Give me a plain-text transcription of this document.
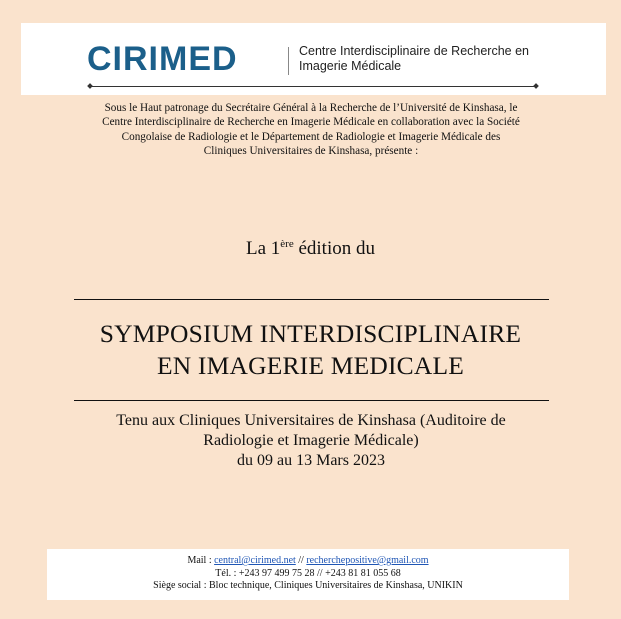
CIRIMED	Centre Interdisciplinaire de Recherche en
Imagerie Médicale
Sous le Haut patronage du Secrétaire Général à la Recherche de l’Université de Kinshasa, le
Centre Interdisciplinaire de Recherche en Imagerie Médicale en collaboration avec la Société
Congolaise de Radiologie et le Département de Radiologie et Imagerie Médicale des
Cliniques Universitaires de Kinshasa, présente :
La 1ère édition du
SYMPOSIUM INTERDISCIPLINAIRE
EN IMAGERIE MEDICALE
Tenu aux Cliniques Universitaires de Kinshasa (Auditoire de
Radiologie et Imagerie Médicale)
du 09 au 13 Mars 2023
Mail : central@cirimed.net // recherchepositive@gmail.com
Tél. : +243 97 499 75 28 // +243 81 81 055 68
Siège social : Bloc technique, Cliniques Universitaires de Kinshasa, UNIKIN
